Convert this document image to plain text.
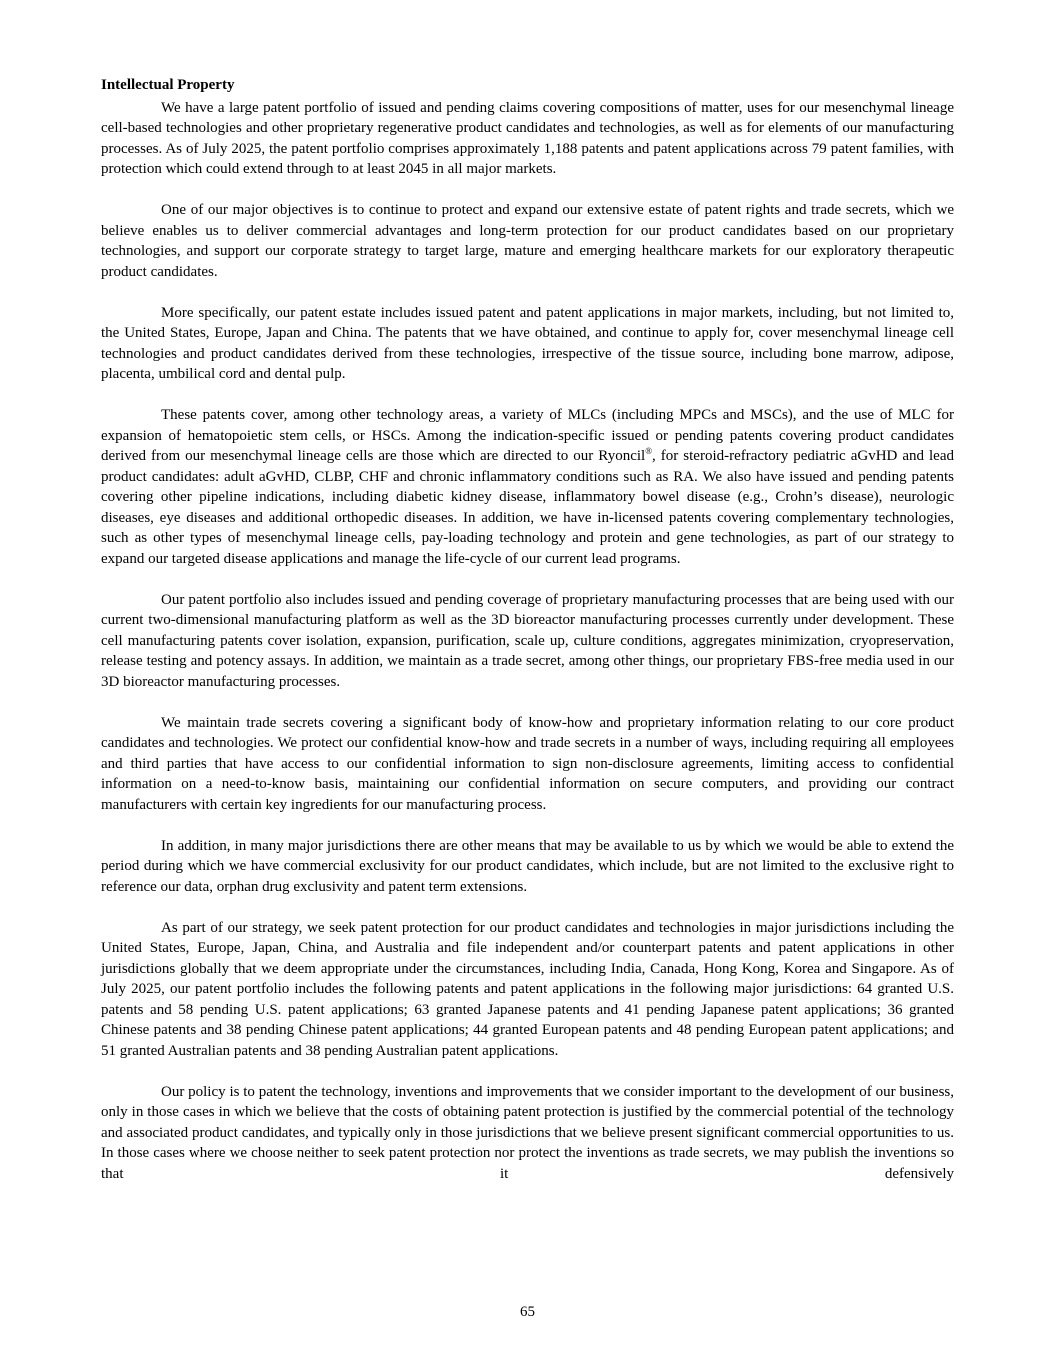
Intellectual Property

We have a large patent portfolio of issued and pending claims covering compositions of matter, uses for our mesenchymal lineage cell-based technologies and other proprietary regenerative product candidates and technologies, as well as for elements of our manufacturing processes. As of July 2025, the patent portfolio comprises approximately 1,188 patents and patent applications across 79 patent families, with protection which could extend through to at least 2045 in all major markets.

One of our major objectives is to continue to protect and expand our extensive estate of patent rights and trade secrets, which we believe enables us to deliver commercial advantages and long-term protection for our product candidates based on our proprietary technologies, and support our corporate strategy to target large, mature and emerging healthcare markets for our exploratory therapeutic product candidates.

More specifically, our patent estate includes issued patent and patent applications in major markets, including, but not limited to, the United States, Europe, Japan and China. The patents that we have obtained, and continue to apply for, cover mesenchymal lineage cell technologies and product candidates derived from these technologies, irrespective of the tissue source, including bone marrow, adipose, placenta, umbilical cord and dental pulp.

These patents cover, among other technology areas, a variety of MLCs (including MPCs and MSCs), and the use of MLC for expansion of hematopoietic stem cells, or HSCs. Among the indication-specific issued or pending patents covering product candidates derived from our mesenchymal lineage cells are those which are directed to our Ryoncil®, for steroid-refractory pediatric aGvHD and lead product candidates: adult aGvHD, CLBP, CHF and chronic inflammatory conditions such as RA. We also have issued and pending patents covering other pipeline indications, including diabetic kidney disease, inflammatory bowel disease (e.g., Crohn’s disease), neurologic diseases, eye diseases and additional orthopedic diseases. In addition, we have in-licensed patents covering complementary technologies, such as other types of mesenchymal lineage cells, pay-loading technology and protein and gene technologies, as part of our strategy to expand our targeted disease applications and manage the life-cycle of our current lead programs.

Our patent portfolio also includes issued and pending coverage of proprietary manufacturing processes that are being used with our current two-dimensional manufacturing platform as well as the 3D bioreactor manufacturing processes currently under development. These cell manufacturing patents cover isolation, expansion, purification, scale up, culture conditions, aggregates minimization, cryopreservation, release testing and potency assays. In addition, we maintain as a trade secret, among other things, our proprietary FBS-free media used in our 3D bioreactor manufacturing processes.

We maintain trade secrets covering a significant body of know-how and proprietary information relating to our core product candidates and technologies. We protect our confidential know-how and trade secrets in a number of ways, including requiring all employees and third parties that have access to our confidential information to sign non-disclosure agreements, limiting access to confidential information on a need-to-know basis, maintaining our confidential information on secure computers, and providing our contract manufacturers with certain key ingredients for our manufacturing process.

In addition, in many major jurisdictions there are other means that may be available to us by which we would be able to extend the period during which we have commercial exclusivity for our product candidates, which include, but are not limited to the exclusive right to reference our data, orphan drug exclusivity and patent term extensions.

As part of our strategy, we seek patent protection for our product candidates and technologies in major jurisdictions including the United States, Europe, Japan, China, and Australia and file independent and/or counterpart patents and patent applications in other jurisdictions globally that we deem appropriate under the circumstances, including India, Canada, Hong Kong, Korea and Singapore. As of July 2025, our patent portfolio includes the following patents and patent applications in the following major jurisdictions: 64 granted U.S. patents and 58 pending U.S. patent applications; 63 granted Japanese patents and 41 pending Japanese patent applications; 36 granted Chinese patents and 38 pending Chinese patent applications; 44 granted European patents and 48 pending European patent applications; and 51 granted Australian patents and 38 pending Australian patent applications.

Our policy is to patent the technology, inventions and improvements that we consider important to the development of our business, only in those cases in which we believe that the costs of obtaining patent protection is justified by the commercial potential of the technology and associated product candidates, and typically only in those jurisdictions that we believe present significant commercial opportunities to us. In those cases where we choose neither to seek patent protection nor protect the inventions as trade secrets, we may publish the inventions so that it defensively

65
